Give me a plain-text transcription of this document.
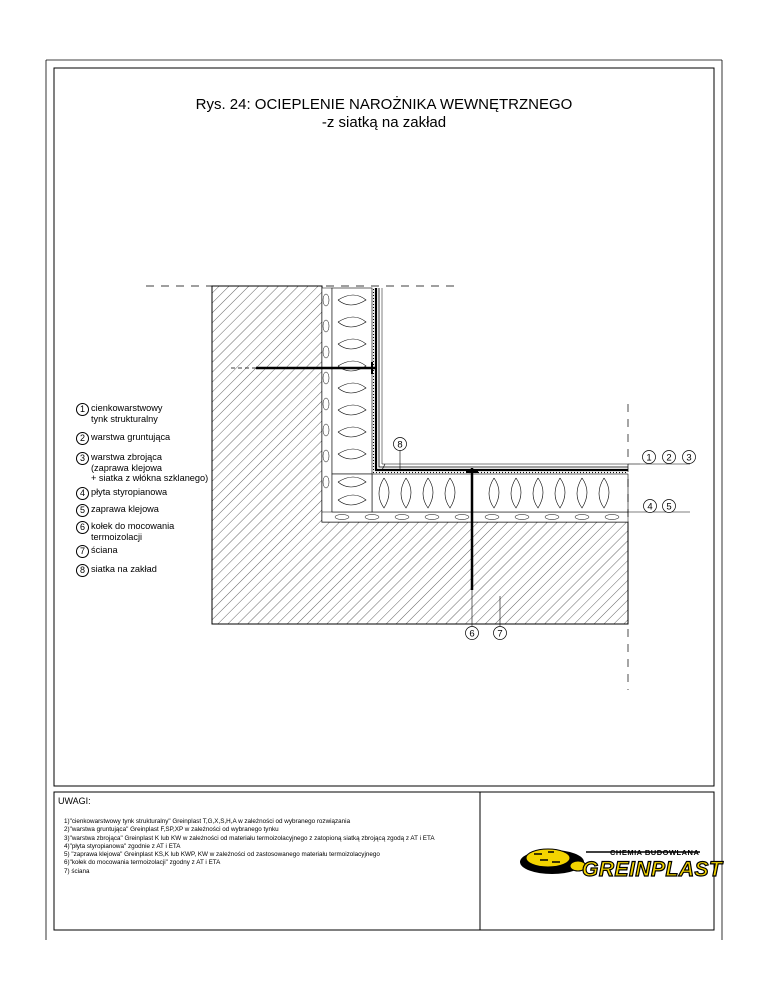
8
1 2 3
4 5
6 7
Rys. 24: OCIEPLENIE NAROŻNIKA WEWNĘTRZNEGO
-z siatką na zakład
1 cienkowarstwowy
tynk strukturalny
2 warstwa gruntująca
3 warstwa zbrojąca
(zaprawa klejowa
+ siatka z włókna szklanego)
4 płyta styropianowa
5 zaprawa klejowa
6 kołek do mocowania
termoizolacji
7 ściana
8 siatka na zakład
UWAGI:
1)"cienkowarstwowy tynk strukturalny" Greinplast T,G,X,S,H,A w zależności od wybranego rozwiązania
2)"warstwa gruntująca" Greinplast F,SP,XP w zależności od wybranego tynku
3)"warstwa zbrojąca" Greinplast K lub KW w zależności od materiału termoizolacyjnego z zatopioną siatką zbrojącą zgodą z AT i ETA
4)"płyta styropianowa" zgodnie z AT i ETA
5) "zaprawa klejowa" Greinplast KS,K lub KWP, KW w zależności od zastosowanego materiału termoizolacyjnego
6)"kołek do mocowania termoizolacji" zgodny z AT i ETA
7) ściana
CHEMIA BUDOWLANA
GREINPLAST
